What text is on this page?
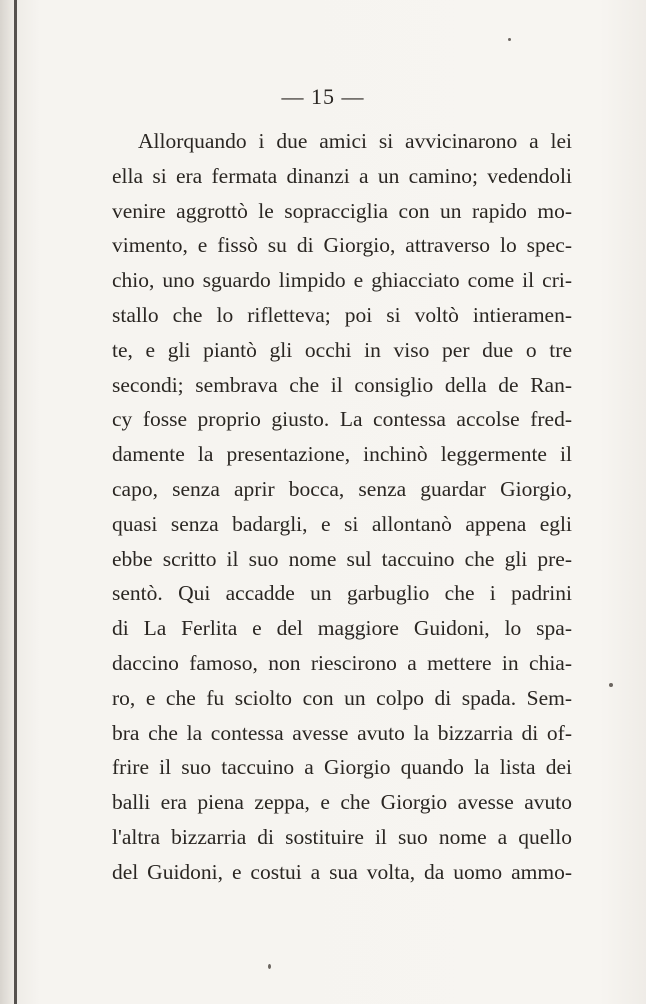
— 15 —
Allorquando i due amici si avvicinarono a lei
ella si era fermata dinanzi a un camino; vedendoli
venire aggrottò le sopracciglia con un rapido mo-
vimento, e fissò su di Giorgio, attraverso lo spec-
chio, uno sguardo limpido e ghiacciato come il cri-
stallo che lo rifletteva; poi si voltò intieramen-
te, e gli piantò gli occhi in viso per due o tre
secondi; sembrava che il consiglio della de Ran-
cy fosse proprio giusto. La contessa accolse fred-
damente la presentazione, inchinò leggermente il
capo, senza aprir bocca, senza guardar Giorgio,
quasi senza badargli, e si allontanò appena egli
ebbe scritto il suo nome sul taccuino che gli pre-
sentò. Qui accadde un garbuglio che i padrini
di La Ferlita e del maggiore Guidoni, lo spa-
daccino famoso, non riescirono a mettere in chia-
ro, e che fu sciolto con un colpo di spada. Sem-
bra che la contessa avesse avuto la bizzarria di of-
frire il suo taccuino a Giorgio quando la lista dei
balli era piena zeppa, e che Giorgio avesse avuto
l'altra bizzarria di sostituire il suo nome a quello
del Guidoni, e costui a sua volta, da uomo ammo-
